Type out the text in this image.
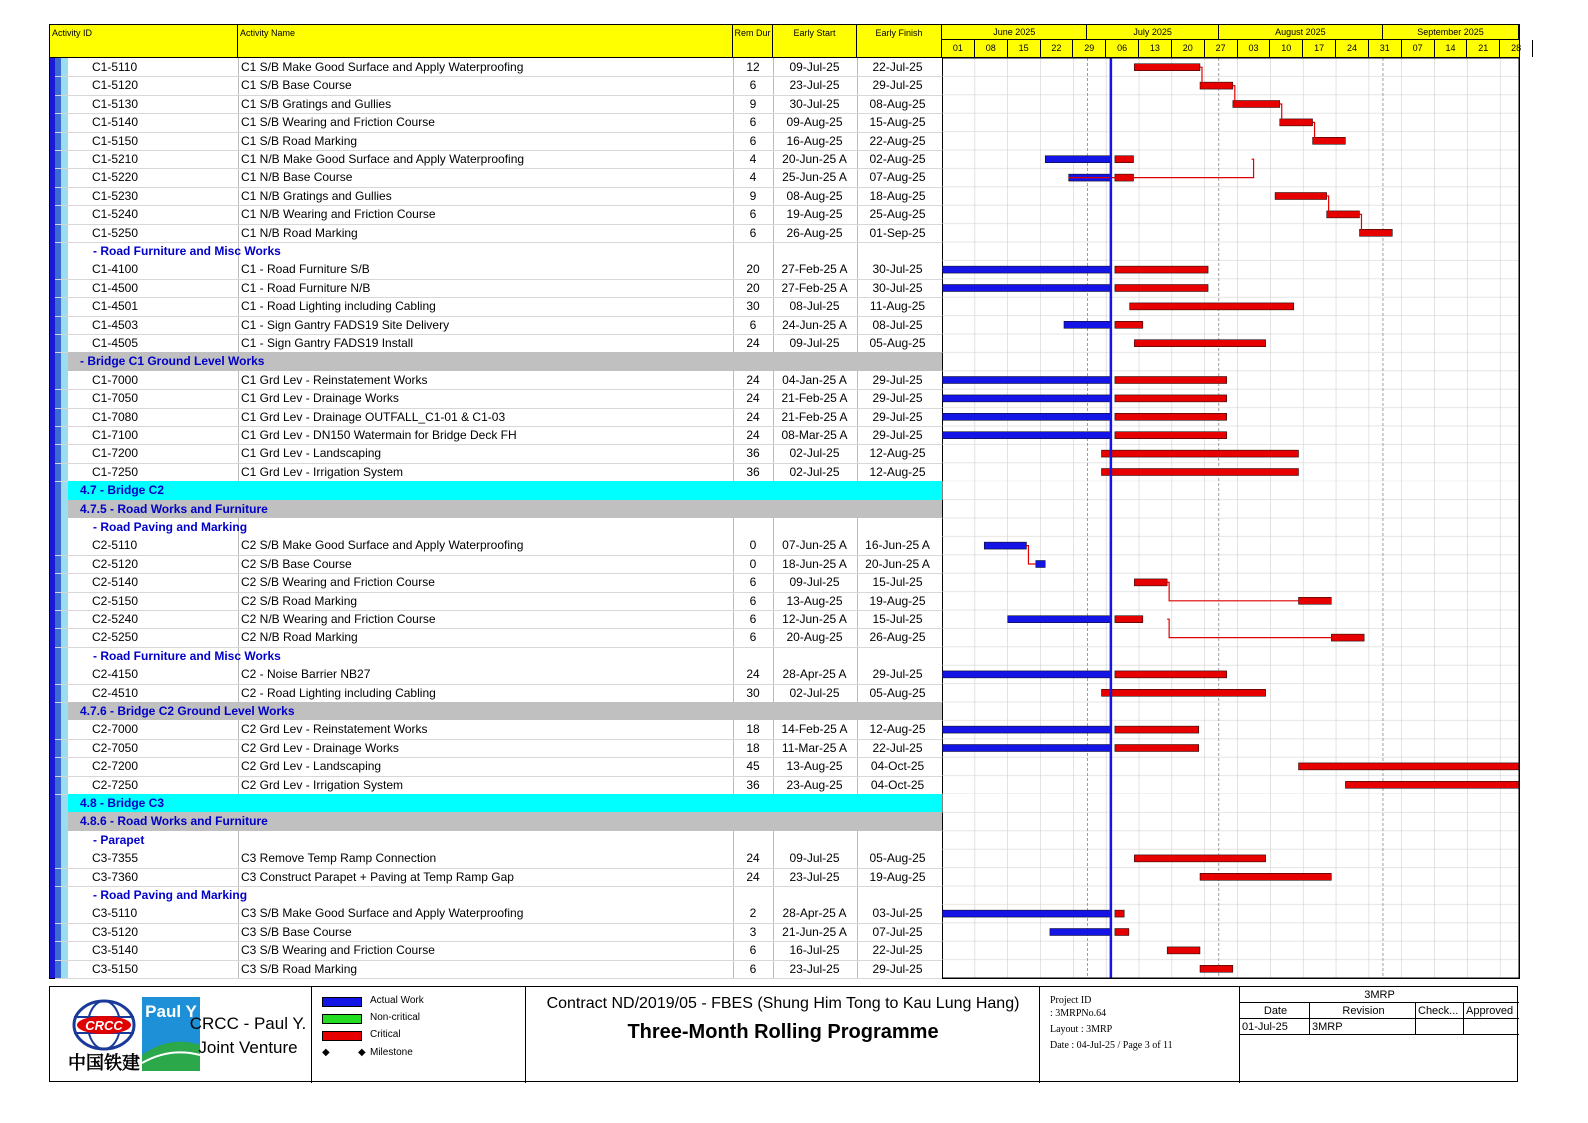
Activity ID	Activity Name	Rem Dur	Early Start	Early Finish	June 2025	July 2025	August 2025	September 2025
01	08	15	22	29	06	13	20	27	03	10	17	24	31	07	14	21	28
C1-5110	C1 S/B Make Good Surface and Apply Waterproofing	12	09-Jul-25	22-Jul-25
C1-5120	C1 S/B Base Course	6	23-Jul-25	29-Jul-25
C1-5130	C1 S/B Gratings and Gullies	9	30-Jul-25	08-Aug-25
C1-5140	C1 S/B Wearing and Friction Course	6	09-Aug-25	15-Aug-25
C1-5150	C1 S/B Road Marking	6	16-Aug-25	22-Aug-25
C1-5210	C1 N/B Make Good Surface and Apply Waterproofing	4	20-Jun-25 A	02-Aug-25
C1-5220	C1 N/B Base Course	4	25-Jun-25 A	07-Aug-25
C1-5230	C1 N/B Gratings and Gullies	9	08-Aug-25	18-Aug-25
C1-5240	C1 N/B Wearing and Friction Course	6	19-Aug-25	25-Aug-25
C1-5250	C1 N/B Road Marking	6	26-Aug-25	01-Sep-25
- Road Furniture and Misc Works
C1-4100	C1 - Road Furniture S/B	20	27-Feb-25 A	30-Jul-25
C1-4500	C1 - Road Furniture N/B	20	27-Feb-25 A	30-Jul-25
C1-4501	C1 - Road Lighting including Cabling	30	08-Jul-25	11-Aug-25
C1-4503	C1 - Sign Gantry FADS19 Site Delivery	6	24-Jun-25 A	08-Jul-25
C1-4505	C1 - Sign Gantry FADS19 Install	24	09-Jul-25	05-Aug-25
- Bridge C1 Ground Level Works
C1-7000	C1 Grd Lev - Reinstatement Works	24	04-Jan-25 A	29-Jul-25
C1-7050	C1 Grd Lev - Drainage Works	24	21-Feb-25 A	29-Jul-25
C1-7080	C1 Grd Lev - Drainage OUTFALL_C1-01 & C1-03	24	21-Feb-25 A	29-Jul-25
C1-7100	C1 Grd Lev - DN150 Watermain for Bridge Deck FH	24	08-Mar-25 A	29-Jul-25
C1-7200	C1 Grd Lev - Landscaping	36	02-Jul-25	12-Aug-25
C1-7250	C1 Grd Lev - Irrigation System	36	02-Jul-25	12-Aug-25
4.7 - Bridge C2
4.7.5 - Road Works and Furniture
- Road Paving and Marking
C2-5110	C2 S/B Make Good Surface and Apply Waterproofing	0	07-Jun-25 A	16-Jun-25 A
C2-5120	C2 S/B Base Course	0	18-Jun-25 A	20-Jun-25 A
C2-5140	C2 S/B Wearing and Friction Course	6	09-Jul-25	15-Jul-25
C2-5150	C2 S/B Road Marking	6	13-Aug-25	19-Aug-25
C2-5240	C2 N/B Wearing and Friction Course	6	12-Jun-25 A	15-Jul-25
C2-5250	C2 N/B Road Marking	6	20-Aug-25	26-Aug-25
- Road Furniture and Misc Works
C2-4150	C2 - Noise Barrier NB27	24	28-Apr-25 A	29-Jul-25
C2-4510	C2 - Road Lighting including Cabling	30	02-Jul-25	05-Aug-25
4.7.6 - Bridge C2 Ground Level Works
C2-7000	C2 Grd Lev - Reinstatement Works	18	14-Feb-25 A	12-Aug-25
C2-7050	C2 Grd Lev - Drainage Works	18	11-Mar-25 A	22-Jul-25
C2-7200	C2 Grd Lev - Landscaping	45	13-Aug-25	04-Oct-25
C2-7250	C2 Grd Lev - Irrigation System	36	23-Aug-25	04-Oct-25
4.8 - Bridge C3
4.8.6 - Road Works and Furniture
- Parapet
C3-7355	C3 Remove Temp Ramp Connection	24	09-Jul-25	05-Aug-25
C3-7360	C3 Construct Parapet + Paving at Temp Ramp Gap	24	23-Jul-25	19-Aug-25
- Road Paving and Marking
C3-5110	C3 S/B Make Good Surface and Apply Waterproofing	2	28-Apr-25 A	03-Jul-25
C3-5120	C3 S/B Base Course	3	21-Jun-25 A	07-Jul-25
C3-5140	C3 S/B Wearing and Friction Course	6	16-Jul-25	22-Jul-25
C3-5150	C3 S/B Road Marking	6	23-Jul-25	29-Jul-25
CRCC
中国铁建
Paul Y
CRCC - Paul Y.
Joint Venture
Actual Work
Non-critical
Critical
◆	◆ Milestone
Contract ND/2019/05 - FBES (Shung Him Tong to Kau Lung Hang)
Three-Month Rolling Programme
Project ID
: 3MRPNo.64
Layout : 3MRP
Date : 04-Jul-25 / Page 3 of 11
3MRP
Date	Revision	Check... Approved
01-Jul-25	3MRP
